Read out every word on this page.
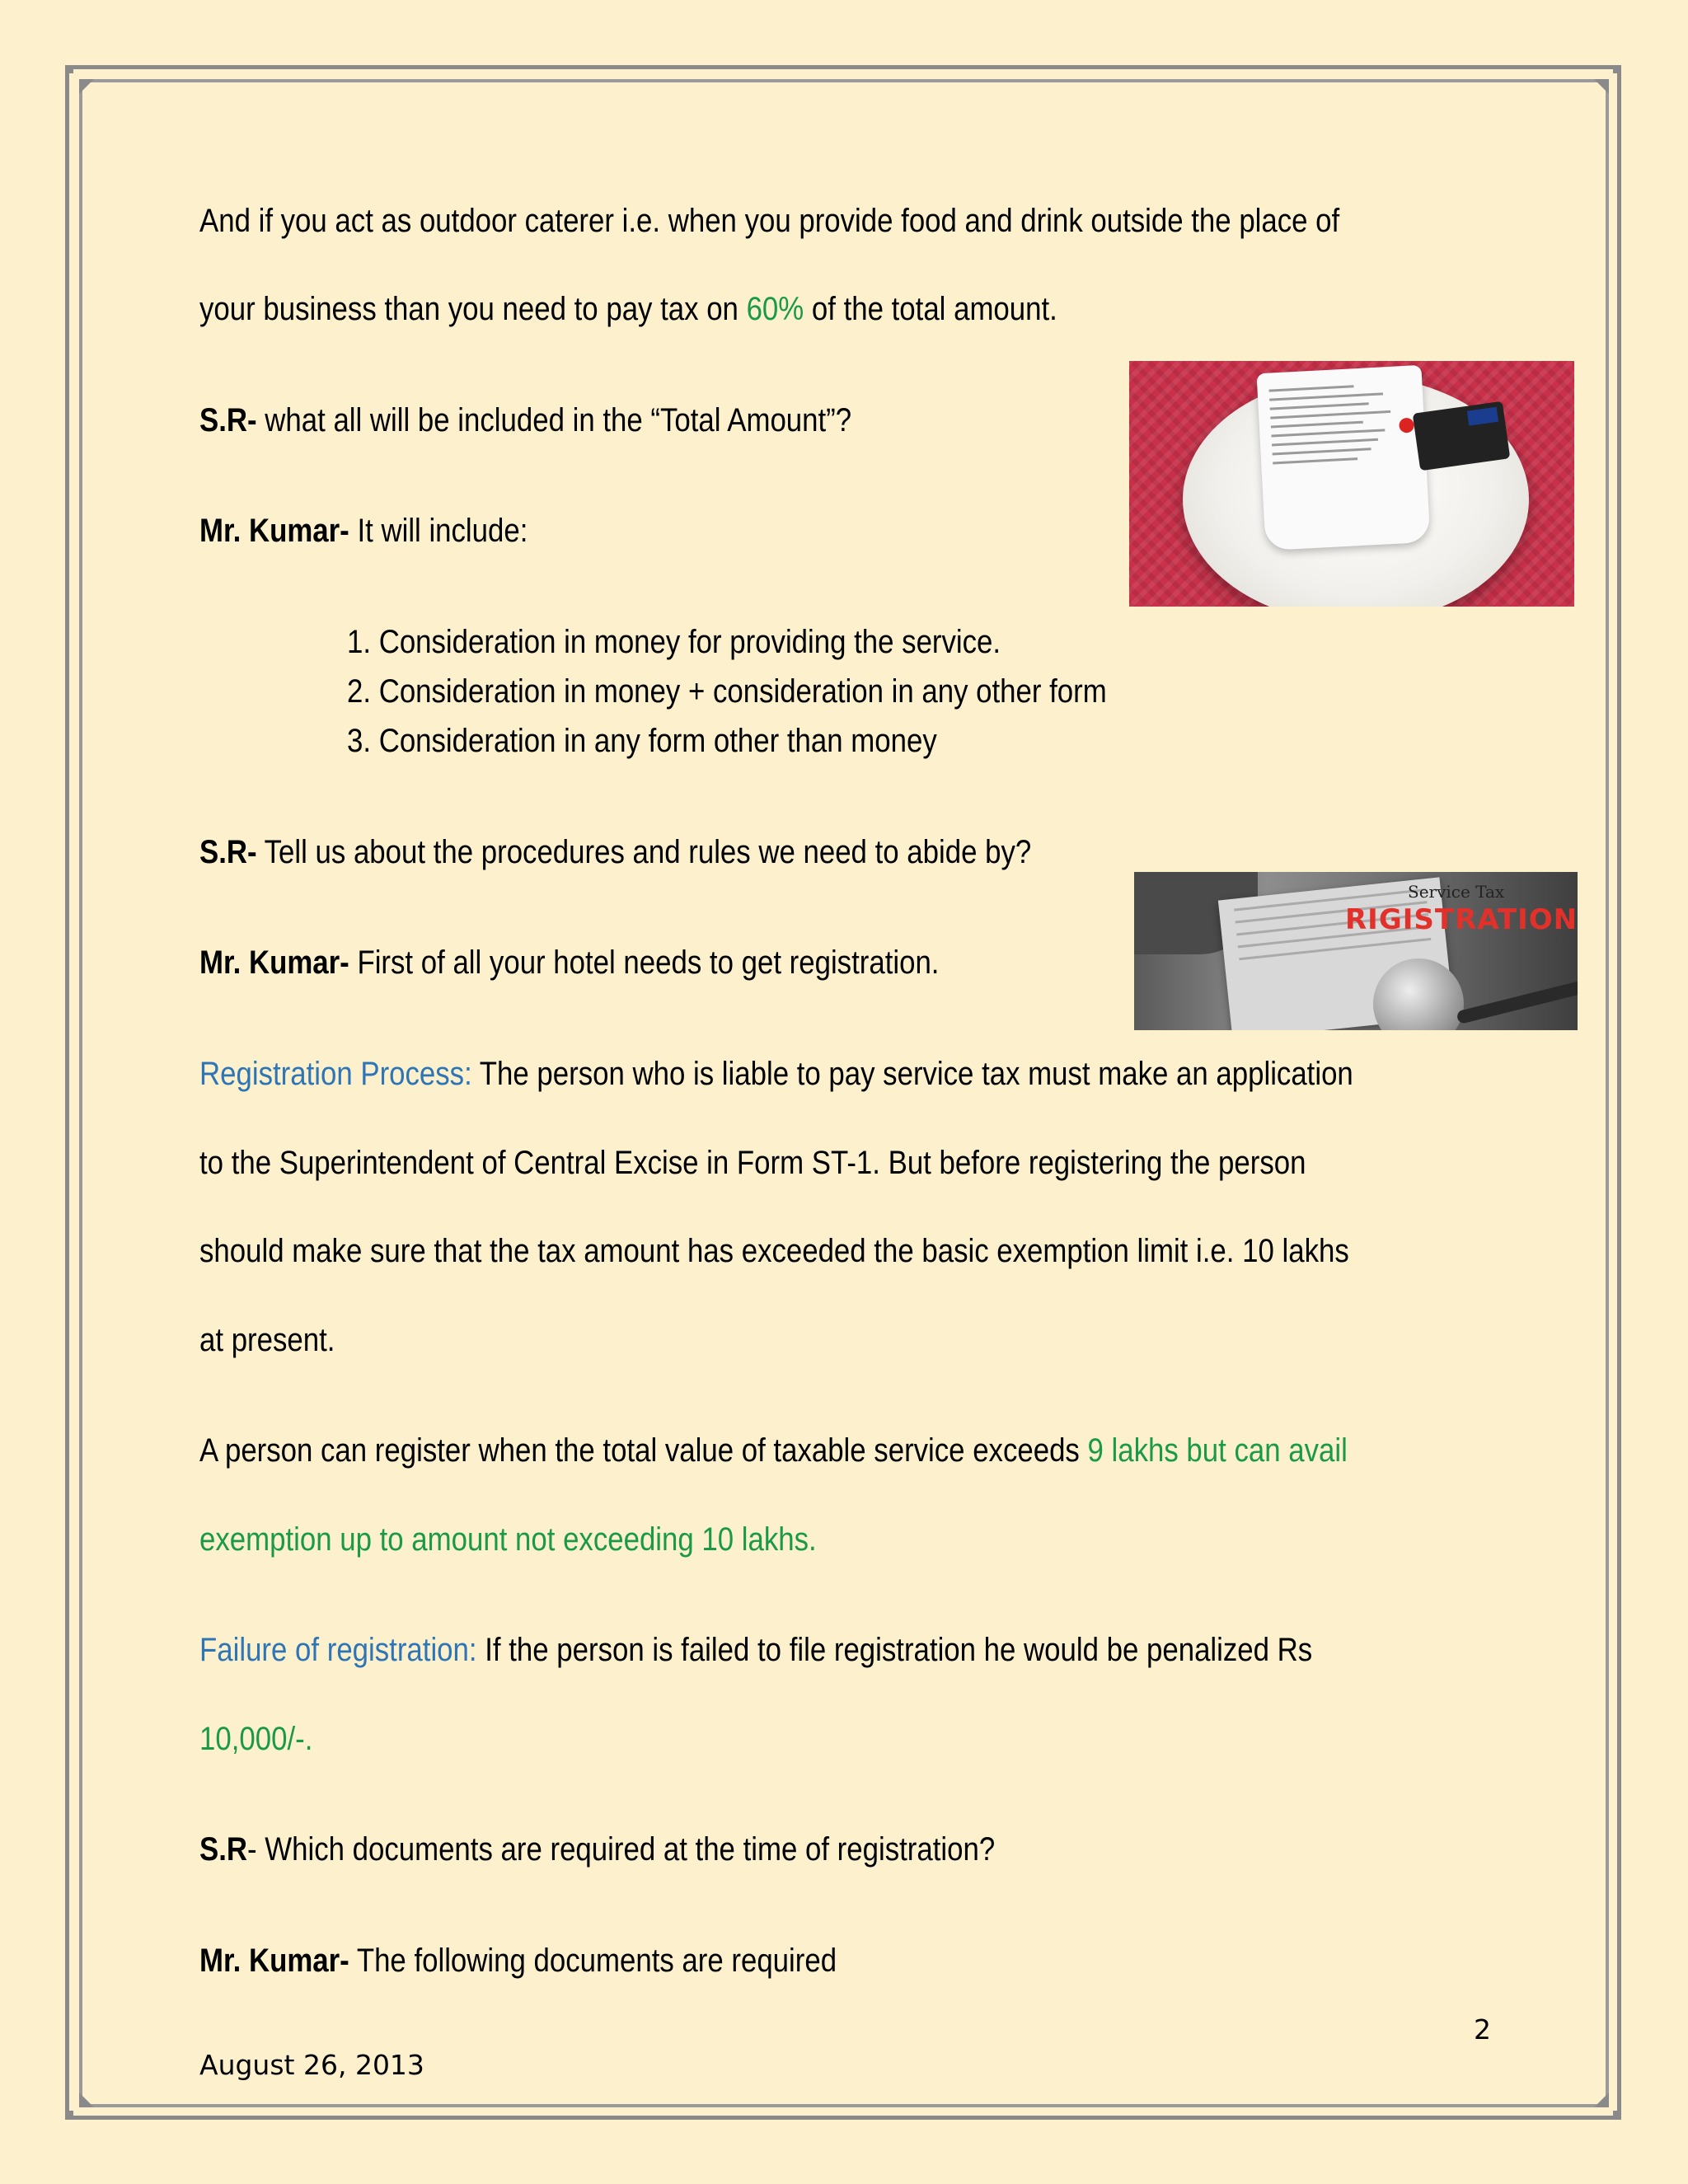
And if you act as outdoor caterer i.e. when you provide food and drink outside the place of

your business than you need to pay tax on 60% of the total amount.

S.R- what all will be included in the “Total Amount”?

Mr. Kumar- It will include:

1. Consideration in money for providing the service.

2. Consideration in money + consideration in any other form

3. Consideration in any form other than money

S.R- Tell us about the procedures and rules we need to abide by?

Mr. Kumar- First of all your hotel needs to get registration.

Registration Process: The person who is liable to pay service tax must make an application

to the Superintendent of Central Excise in Form ST-1. But before registering the person

should make sure that the tax amount has exceeded the basic exemption limit i.e. 10 lakhs

at present.

A person can register when the total value of taxable service exceeds 9 lakhs but can avail

exemption up to amount not exceeding 10 lakhs.

Failure of registration: If the person is failed to file registration he would be penalized Rs

10,000/-.

S.R- Which documents are required at the time of registration?

Mr. Kumar- The following documents are required

Service Tax
RIGISTRATION
2
August 26, 2013
